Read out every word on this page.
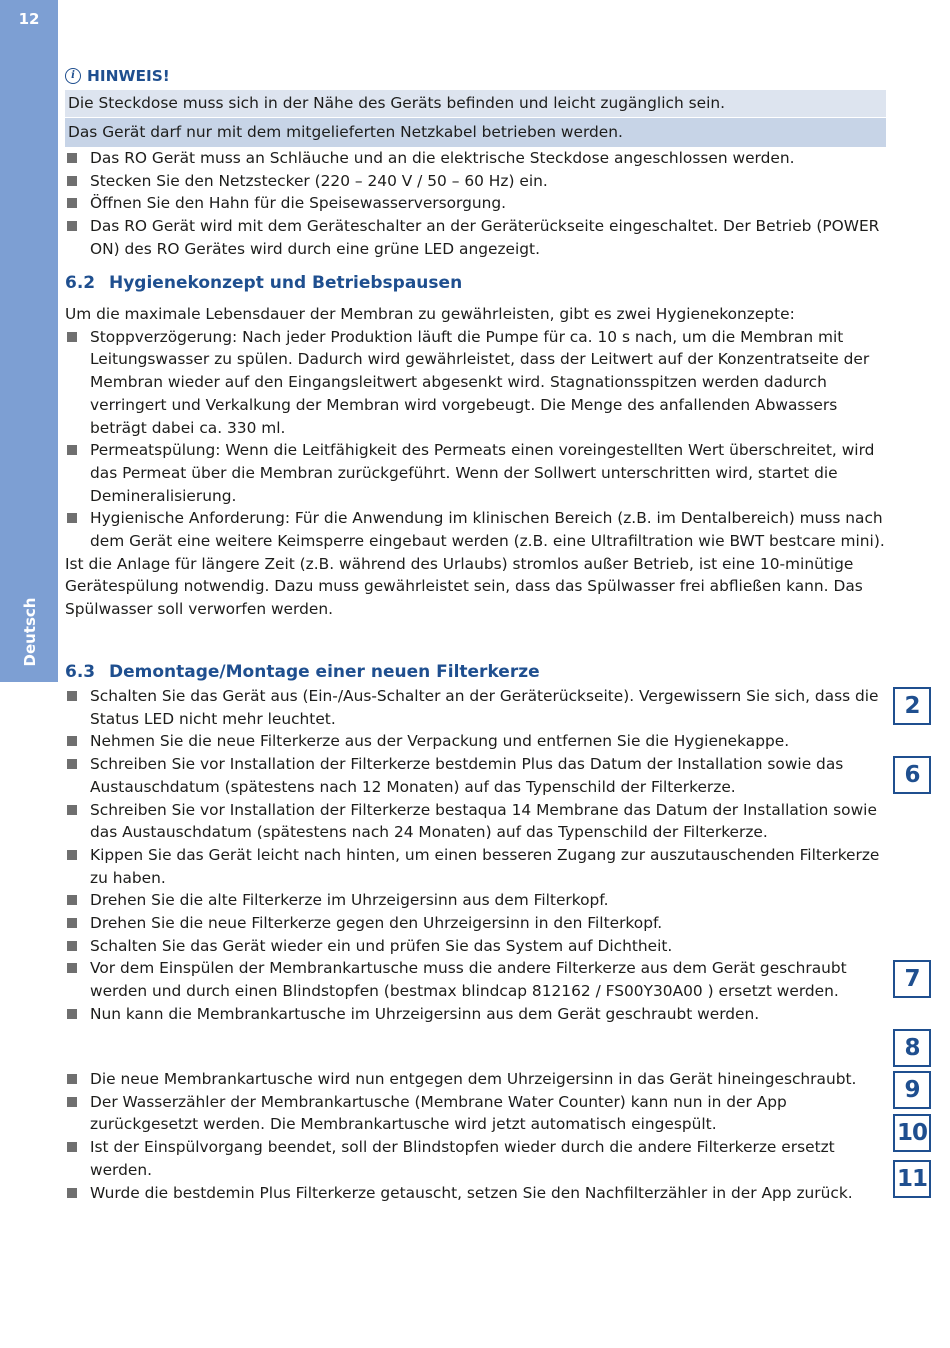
12
Deutsch
i HINWEIS!
Die Steckdose muss sich in der Nähe des Geräts befinden und leicht zugänglich sein.
Das Gerät darf nur mit dem mitgelieferten Netzkabel betrieben werden.
Das RO Gerät muss an Schläuche und an die elektrische Steckdose angeschlossen werden.
Stecken Sie den Netzstecker (220 – 240 V / 50 – 60 Hz) ein.
Öffnen Sie den Hahn für die Speisewasserversorgung.
Das RO Gerät wird mit dem Geräteschalter an der Geräterückseite eingeschaltet. Der Betrieb (POWER ON) des RO Gerätes wird durch eine grüne LED angezeigt.
6.2 Hygienekonzept und Betriebspausen
Um die maximale Lebensdauer der Membran zu gewährleisten, gibt es zwei Hygienekonzepte:
Stoppverzögerung: Nach jeder Produktion läuft die Pumpe für ca. 10 s nach, um die Membran mit Leitungswasser zu spülen. Dadurch wird gewährleistet, dass der Leitwert auf der Konzentratseite der Membran wieder auf den Eingangsleitwert abgesenkt wird. Stagnationsspitzen werden dadurch verringert und Verkalkung der Membran wird vorgebeugt. Die Menge des anfallenden Abwassers beträgt dabei ca. 330 ml.
Permeatspülung: Wenn die Leitfähigkeit des Permeats einen voreingestellten Wert überschreitet, wird das Permeat über die Membran zurückgeführt. Wenn der Sollwert unterschritten wird, startet die Demineralisierung.
Hygienische Anforderung: Für die Anwendung im klinischen Bereich (z.B. im Dentalbereich) muss nach dem Gerät eine weitere Keimsperre eingebaut werden (z.B. eine Ultrafiltration wie BWT bestcare mini).
Ist die Anlage für längere Zeit (z.B. während des Urlaubs) stromlos außer Betrieb, ist eine 10-minütige Gerätespülung notwendig. Dazu muss gewährleistet sein, dass das Spülwasser frei abfließen kann. Das Spülwasser soll verworfen werden.
6.3 Demontage/Montage einer neuen Filterkerze
Schalten Sie das Gerät aus (Ein-/Aus-Schalter an der Geräterückseite). Vergewissern Sie sich, dass die Status LED nicht mehr leuchtet.
Nehmen Sie die neue Filterkerze aus der Verpackung und entfernen Sie die Hygienekappe.
Schreiben Sie vor Installation der Filterkerze bestdemin Plus das Datum der Installation sowie das Austauschdatum (spätestens nach 12 Monaten) auf das Typenschild der Filterkerze.
Schreiben Sie vor Installation der Filterkerze bestaqua 14 Membrane das Datum der Installation sowie das Austauschdatum (spätestens nach 24 Monaten) auf das Typenschild der Filterkerze.
Kippen Sie das Gerät leicht nach hinten, um einen besseren Zugang zur auszutauschenden Filterkerze zu haben.
Drehen Sie die alte Filterkerze im Uhrzeigersinn aus dem Filterkopf.
Drehen Sie die neue Filterkerze gegen den Uhrzeigersinn in den Filterkopf.
Schalten Sie das Gerät wieder ein und prüfen Sie das System auf Dichtheit.
Vor dem Einspülen der Membrankartusche muss die andere Filterkerze aus dem Gerät geschraubt werden und durch einen Blindstopfen (bestmax blindcap 812162 / FS00Y30A00 ) ersetzt werden.
Nun kann die Membrankartusche im Uhrzeigersinn aus dem Gerät geschraubt werden.
Die neue Membrankartusche wird nun entgegen dem Uhrzeigersinn in das Gerät hineingeschraubt.
Der Wasserzähler der Membrankartusche (Membrane Water Counter) kann nun in der App zurückgesetzt werden. Die Membrankartusche wird jetzt automatisch eingespült.
Ist der Einspülvorgang beendet, soll der Blindstopfen wieder durch die andere Filterkerze ersetzt werden.
Wurde die bestdemin Plus Filterkerze getauscht, setzen Sie den Nachfilterzähler in der App zurück.
2
6
7
8
9
10
11
